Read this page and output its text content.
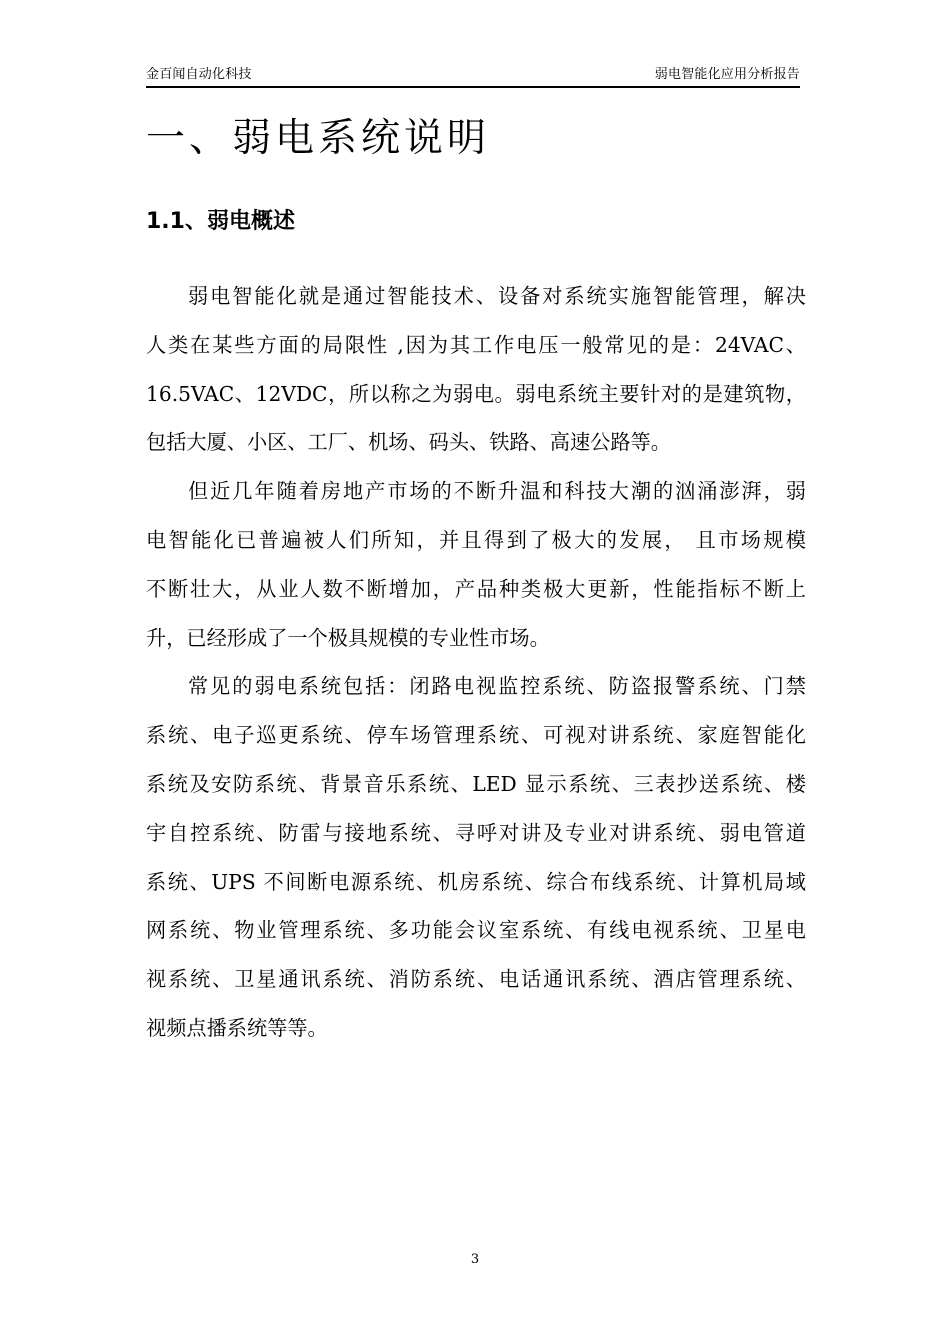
金百闻自动化科技	弱电智能化应用分析报告
一、弱电系统说明
1.1、弱电概述

弱电智能化就是通过智能技术、设备对系统实施智能管理，解决
人类在某些方面的局限性 ,因为其工作电压一般常见的是：24VAC、
16.5VAC、12VDC，所以称之为弱电。弱电系统主要针对的是建筑物，
包括大厦、小区、工厂、机场、码头、铁路、高速公路等。

但近几年随着房地产市场的不断升温和科技大潮的汹涌澎湃，弱
电智能化已普遍被人们所知，并且得到了极大的发展， 且市场规模
不断壮大，从业人数不断增加，产品种类极大更新，性能指标不断上
升，已经形成了一个极具规模的专业性市场。

常见的弱电系统包括：闭路电视监控系统、防盗报警系统、门禁
系统、电子巡更系统、停车场管理系统、可视对讲系统、家庭智能化
系统及安防系统、背景音乐系统、LED 显示系统、三表抄送系统、楼
宇自控系统、防雷与接地系统、寻呼对讲及专业对讲系统、弱电管道
系统、UPS 不间断电源系统、机房系统、综合布线系统、计算机局域
网系统、物业管理系统、多功能会议室系统、有线电视系统、卫星电
视系统、卫星通讯系统、消防系统、电话通讯系统、酒店管理系统、
视频点播系统等等。

3
